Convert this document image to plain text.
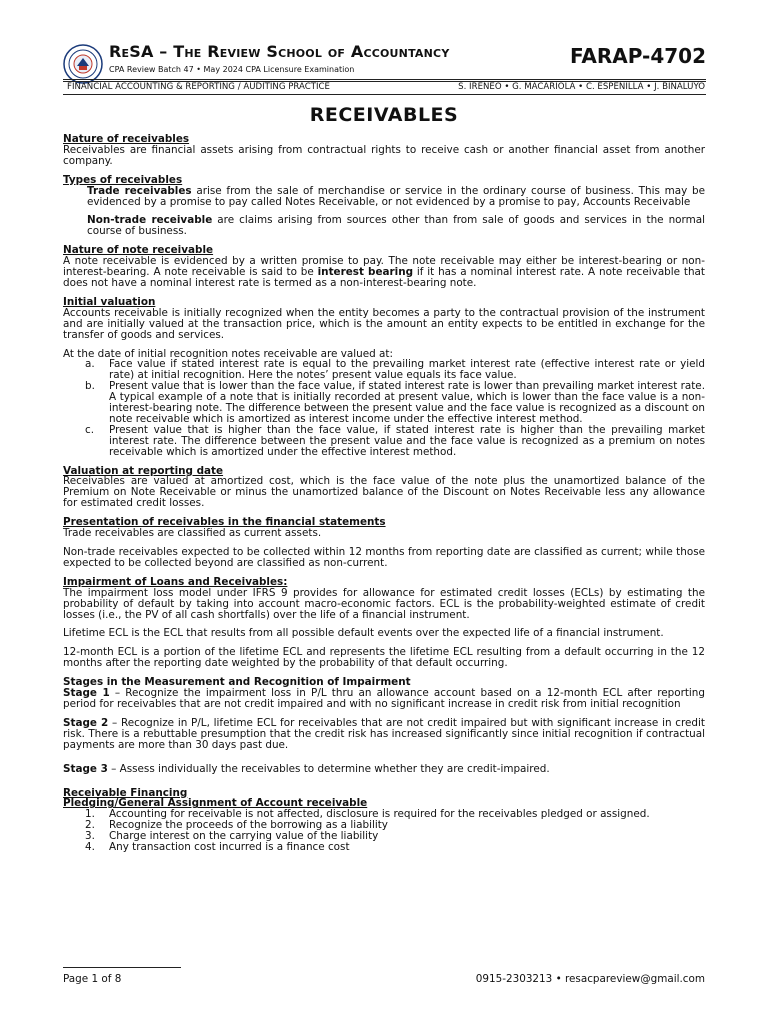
ReSA – The Review School of Accountancy
CPA Review Batch 47 • May 2024 CPA Licensure Examination
FARAP-4702
FINANCIAL ACCOUNTING & REPORTING / AUDITING PRACTICE	S. IRENEO • G. MACARIOLA • C. ESPENILLA • J. BINALUYO
RECEIVABLES
Nature of receivables

Receivables are financial assets arising from contractual rights to receive cash or another financial asset from another company.

Types of receivables

Trade receivables arise from the sale of merchandise or service in the ordinary course of business. This may be evidenced by a promise to pay called Notes Receivable, or not evidenced by a promise to pay, Accounts Receivable

Non-trade receivable are claims arising from sources other than from sale of goods and services in the normal course of business.

Nature of note receivable

A note receivable is evidenced by a written promise to pay. The note receivable may either be interest-bearing or non-interest-bearing. A note receivable is said to be interest bearing if it has a nominal interest rate. A note receivable that does not have a nominal interest rate is termed as a non-interest-bearing note.

Initial valuation

Accounts receivable is initially recognized when the entity becomes a party to the contractual provision of the instrument and are initially valued at the transaction price, which is the amount an entity expects to be entitled in exchange for the transfer of goods and services.

At the date of initial recognition notes receivable are valued at:

a. Face value if stated interest rate is equal to the prevailing market interest rate (effective interest rate or yield rate) at initial recognition. Here the notes’ present value equals its face value.
b. Present value that is lower than the face value, if stated interest rate is lower than prevailing market interest rate. A typical example of a note that is initially recorded at present value, which is lower than the face value is a non-interest-bearing note. The difference between the present value and the face value is recognized as a discount on note receivable which is amortized as interest income under the effective interest method.
c. Present value that is higher than the face value, if stated interest rate is higher than the prevailing market interest rate. The difference between the present value and the face value is recognized as a premium on notes receivable which is amortized under the effective interest method.
Valuation at reporting date

Receivables are valued at amortized cost, which is the face value of the note plus the unamortized balance of the Premium on Note Receivable or minus the unamortized balance of the Discount on Notes Receivable less any allowance for estimated credit losses.

Presentation of receivables in the financial statements

Trade receivables are classified as current assets.

Non-trade receivables expected to be collected within 12 months from reporting date are classified as current; while those expected to be collected beyond are classified as non-current.

Impairment of Loans and Receivables:

The impairment loss model under IFRS 9 provides for allowance for estimated credit losses (ECLs) by estimating the probability of default by taking into account macro-economic factors. ECL is the probability-weighted estimate of credit losses (i.e., the PV of all cash shortfalls) over the life of a financial instrument.

Lifetime ECL is the ECL that results from all possible default events over the expected life of a financial instrument.

12-month ECL is a portion of the lifetime ECL and represents the lifetime ECL resulting from a default occurring in the 12 months after the reporting date weighted by the probability of that default occurring.

Stages in the Measurement and Recognition of Impairment

Stage 1 – Recognize the impairment loss in P/L thru an allowance account based on a 12-month ECL after reporting period for receivables that are not credit impaired and with no significant increase in credit risk from initial recognition

Stage 2 – Recognize in P/L, lifetime ECL for receivables that are not credit impaired but with significant increase in credit risk. There is a rebuttable presumption that the credit risk has increased significantly since initial recognition if contractual payments are more than 30 days past due.

Stage 3 – Assess individually the receivables to determine whether they are credit-impaired.

Receivable Financing
Pledging/General Assignment of Account receivable
1. Accounting for receivable is not affected, disclosure is required for the receivables pledged or assigned.
2. Recognize the proceeds of the borrowing as a liability
3. Charge interest on the carrying value of the liability
4. Any transaction cost incurred is a finance cost
Page 1 of 8	0915-2303213 • resacpareview@gmail.com
